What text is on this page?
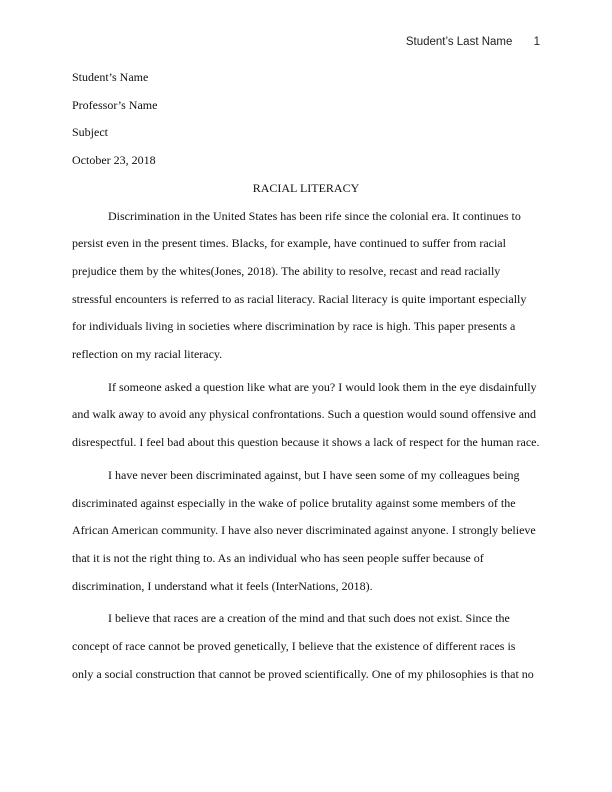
Student’s Last Name 1

Student’s Name

Professor’s Name

Subject

October 23, 2018

RACIAL LITERACY

Discrimination in the United States has been rife since the colonial era. It continues to
persist even in the present times. Blacks, for example, have continued to suffer from racial
prejudice them by the whites(Jones, 2018). The ability to resolve, recast and read racially
stressful encounters is referred to as racial literacy. Racial literacy is quite important especially
for individuals living in societies where discrimination by race is high. This paper presents a
reflection on my racial literacy.

If someone asked a question like what are you? I would look them in the eye disdainfully
and walk away to avoid any physical confrontations. Such a question would sound offensive and
disrespectful. I feel bad about this question because it shows a lack of respect for the human race.

I have never been discriminated against, but I have seen some of my colleagues being
discriminated against especially in the wake of police brutality against some members of the
African American community. I have also never discriminated against anyone. I strongly believe
that it is not the right thing to. As an individual who has seen people suffer because of
discrimination, I understand what it feels (InterNations, 2018).

I believe that races are a creation of the mind and that such does not exist. Since the
concept of race cannot be proved genetically, I believe that the existence of different races is
only a social construction that cannot be proved scientifically. One of my philosophies is that no
